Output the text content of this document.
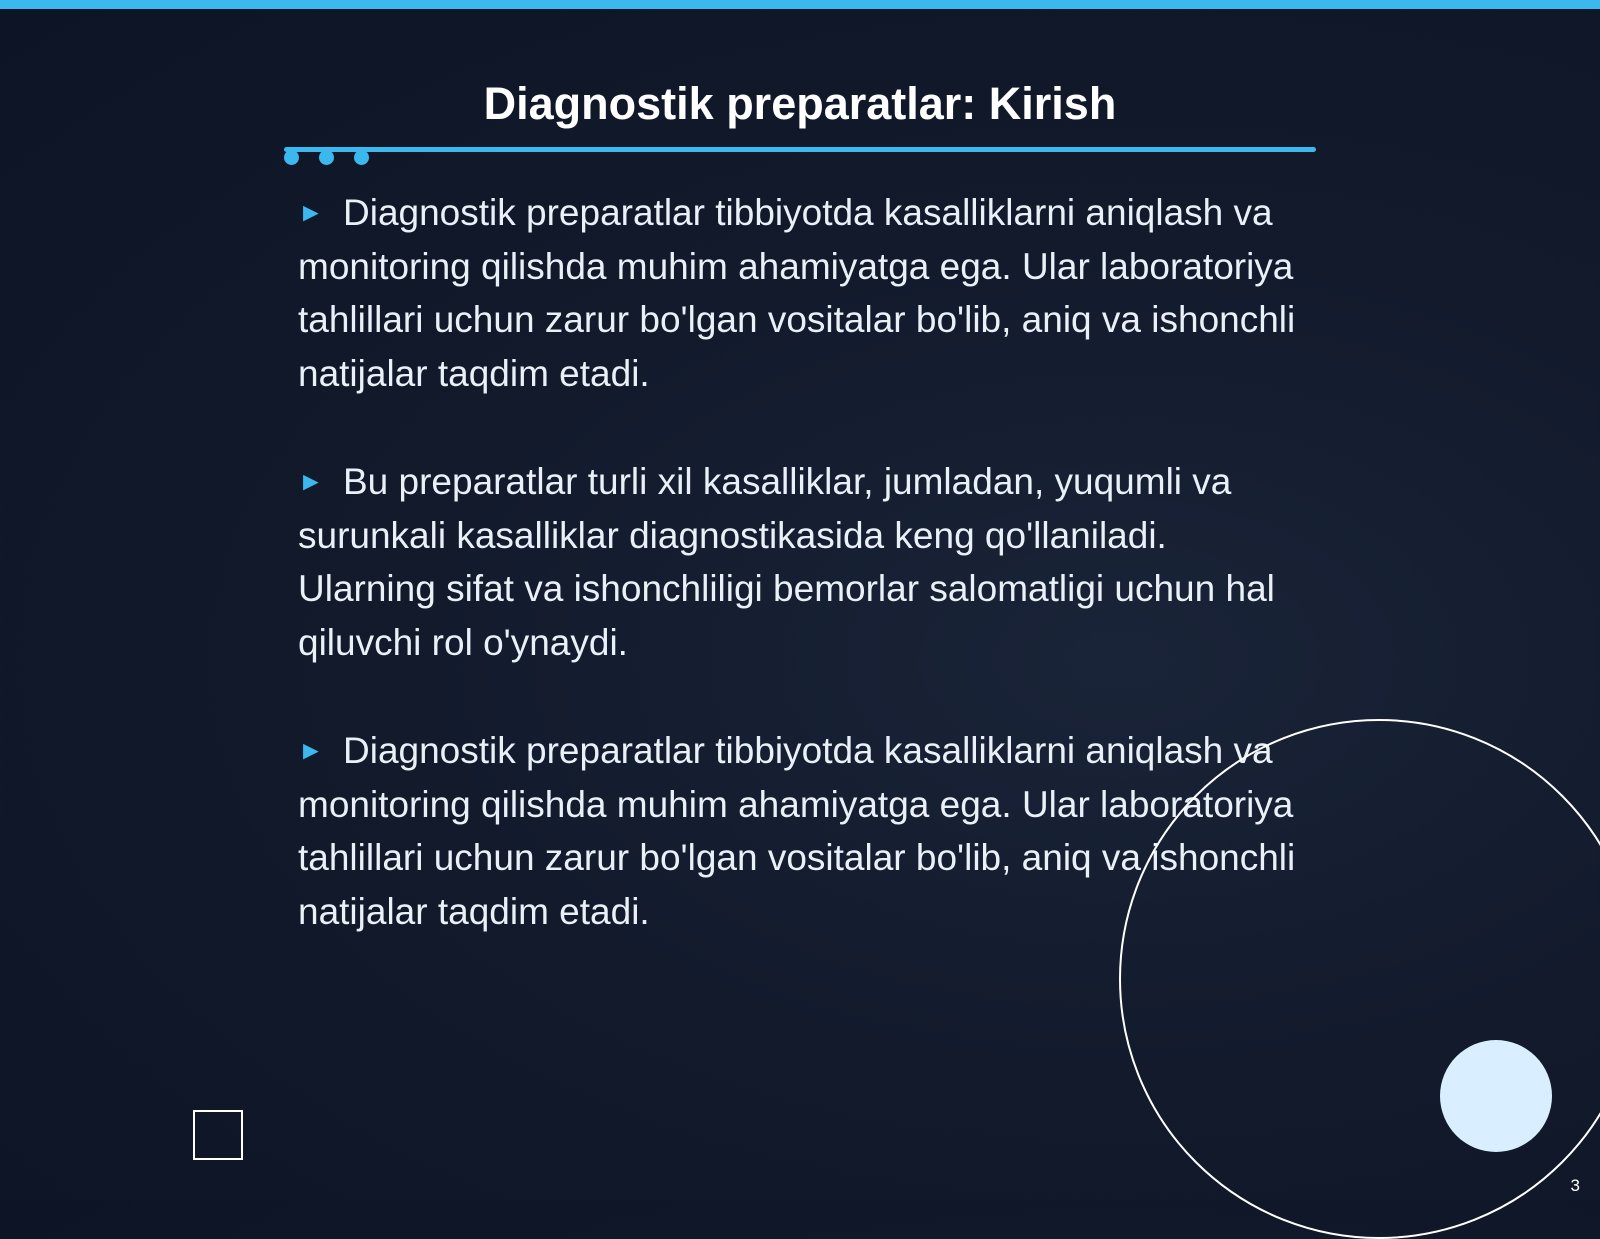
Diagnostik preparatlar: Kirish

► Diagnostik preparatlar tibbiyotda kasalliklarni aniqlash va monitoring qilishda muhim ahamiyatga ega. Ular laboratoriya tahlillari uchun zarur bo'lgan vositalar bo'lib, aniq va ishonchli natijalar taqdim etadi.

► Bu preparatlar turli xil kasalliklar, jumladan, yuqumli va surunkali kasalliklar diagnostikasida keng qo'llaniladi. Ularning sifat va ishonchliligi bemorlar salomatligi uchun hal qiluvchi rol o'ynaydi.

► Diagnostik preparatlar tibbiyotda kasalliklarni aniqlash va monitoring qilishda muhim ahamiyatga ega. Ular laboratoriya tahlillari uchun zarur bo'lgan vositalar bo'lib, aniq va ishonchli natijalar taqdim etadi.

3
